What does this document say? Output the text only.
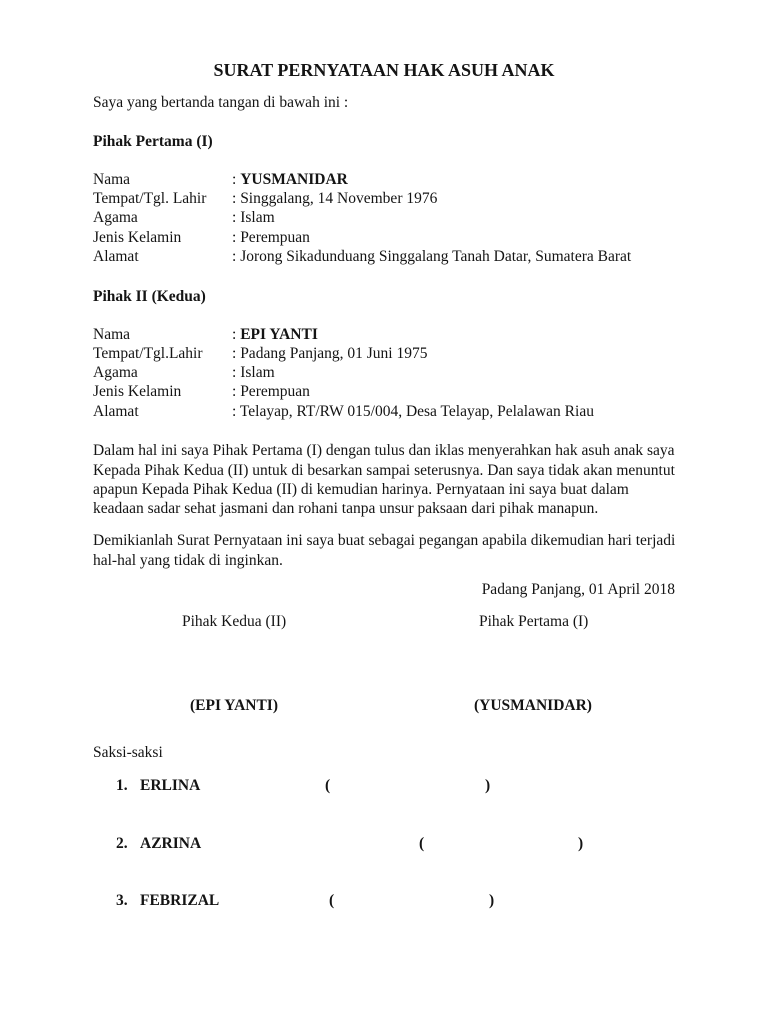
SURAT PERNYATAAN HAK ASUH ANAK
Saya yang bertanda tangan di bawah ini :
Pihak Pertama (I)
Nama	: YUSMANIDAR
Tempat/Tgl. Lahir : Singgalang, 14 November 1976
Agama	: Islam
Jenis Kelamin	: Perempuan
Alamat	: Jorong Sikadunduang Singgalang Tanah Datar, Sumatera Barat
Pihak II (Kedua)
Nama	: EPI YANTI
Tempat/Tgl.Lahir : Padang Panjang, 01 Juni 1975
Agama	: Islam
Jenis Kelamin	: Perempuan
Alamat	: Telayap, RT/RW 015/004, Desa Telayap, Pelalawan Riau
Dalam hal ini saya Pihak Pertama (I) dengan tulus dan iklas menyerahkan hak asuh anak saya
Kepada Pihak Kedua (II) untuk di besarkan sampai seterusnya. Dan saya tidak akan menuntut
apapun Kepada Pihak Kedua (II) di kemudian harinya. Pernyataan ini saya buat dalam
keadaan sadar sehat jasmani dan rohani tanpa unsur paksaan dari pihak manapun.
Demikianlah Surat Pernyataan ini saya buat sebagai pegangan apabila dikemudian hari terjadi
hal-hal yang tidak di inginkan.
Padang Panjang, 01 April 2018
Pihak Kedua (II)	Pihak Pertama (I)
(EPI YANTI)	(YUSMANIDAR)
Saksi-saksi
1. ERLINA	(	)
2. AZRINA	(	)
3. FEBRIZAL	(	)
